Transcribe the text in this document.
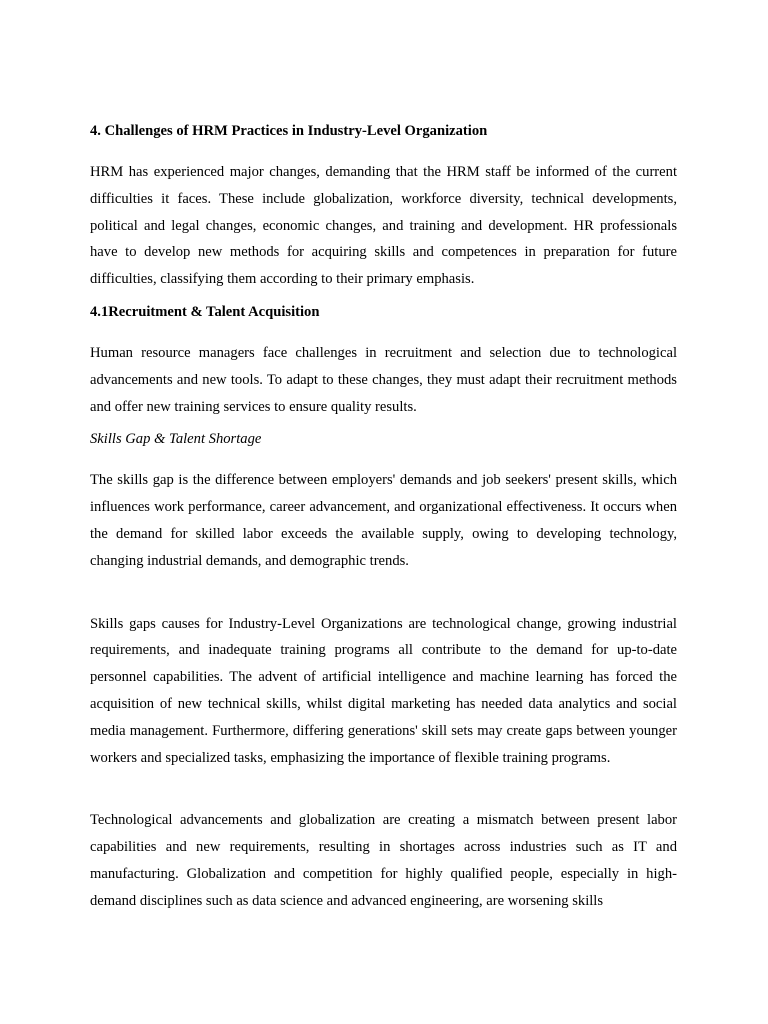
4. Challenges of HRM Practices in Industry-Level Organization

HRM has experienced major changes, demanding that the HRM staff be informed of the current difficulties it faces. These include globalization, workforce diversity, technical developments, political and legal changes, economic changes, and training and development. HR professionals have to develop new methods for acquiring skills and competences in preparation for future difficulties, classifying them according to their primary emphasis.

4.1Recruitment & Talent Acquisition

Human resource managers face challenges in recruitment and selection due to technological advancements and new tools. To adapt to these changes, they must adapt their recruitment methods and offer new training services to ensure quality results.

Skills Gap & Talent Shortage

The skills gap is the difference between employers' demands and job seekers' present skills, which influences work performance, career advancement, and organizational effectiveness. It occurs when the demand for skilled labor exceeds the available supply, owing to developing technology, changing industrial demands, and demographic trends.

Skills gaps causes for Industry-Level Organizations are technological change, growing industrial requirements, and inadequate training programs all contribute to the demand for up-to-date personnel capabilities. The advent of artificial intelligence and machine learning has forced the acquisition of new technical skills, whilst digital marketing has needed data analytics and social media management. Furthermore, differing generations' skill sets may create gaps between younger workers and specialized tasks, emphasizing the importance of flexible training programs.

Technological advancements and globalization are creating a mismatch between present labor capabilities and new requirements, resulting in shortages across industries such as IT and manufacturing. Globalization and competition for highly qualified people, especially in high-demand disciplines such as data science and advanced engineering, are worsening skills
